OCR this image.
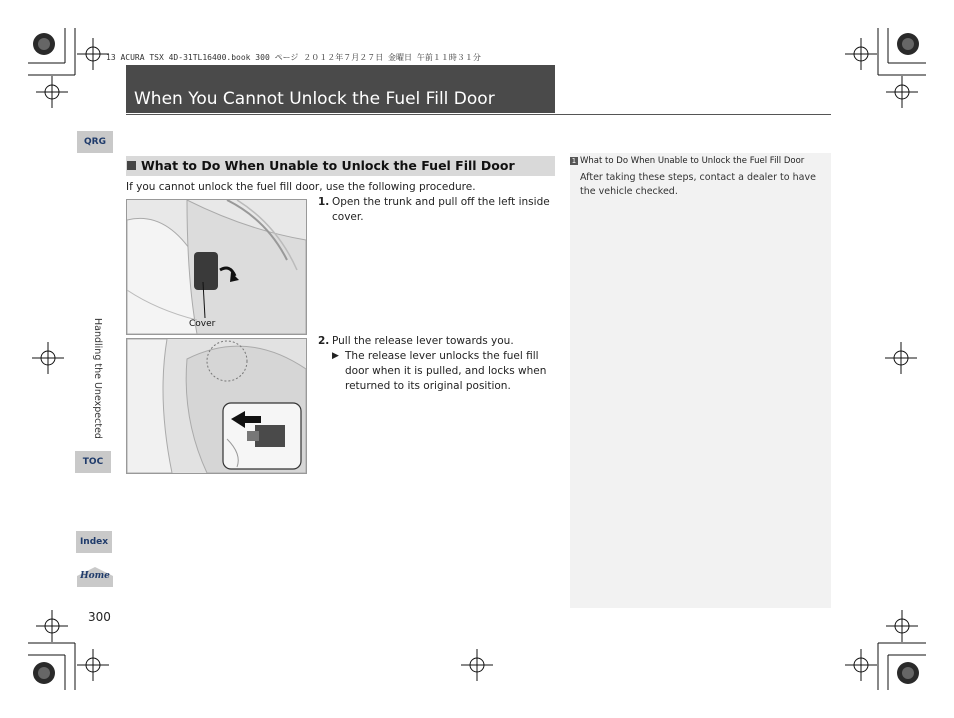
13 ACURA TSX 4D-31TL16400.book 300 ページ ２０１２年７月２７日 金曜日 午前１１時３１分
When You Cannot Unlock the Fuel Fill Door
QRG
Handling the Unexpected
TOC
Index
Home
300
What to Do When Unable to Unlock the Fuel Fill Door
If you cannot unlock the fuel fill door, use the following procedure.
Cover
1. Open the trunk and pull off the left inside cover.
2. Pull the release lever towards you.
▶ The release lever unlocks the fuel fill door when it is pulled, and locks when returned to its original position.
1 What to Do When Unable to Unlock the Fuel Fill Door
After taking these steps, contact a dealer to have the vehicle checked.
